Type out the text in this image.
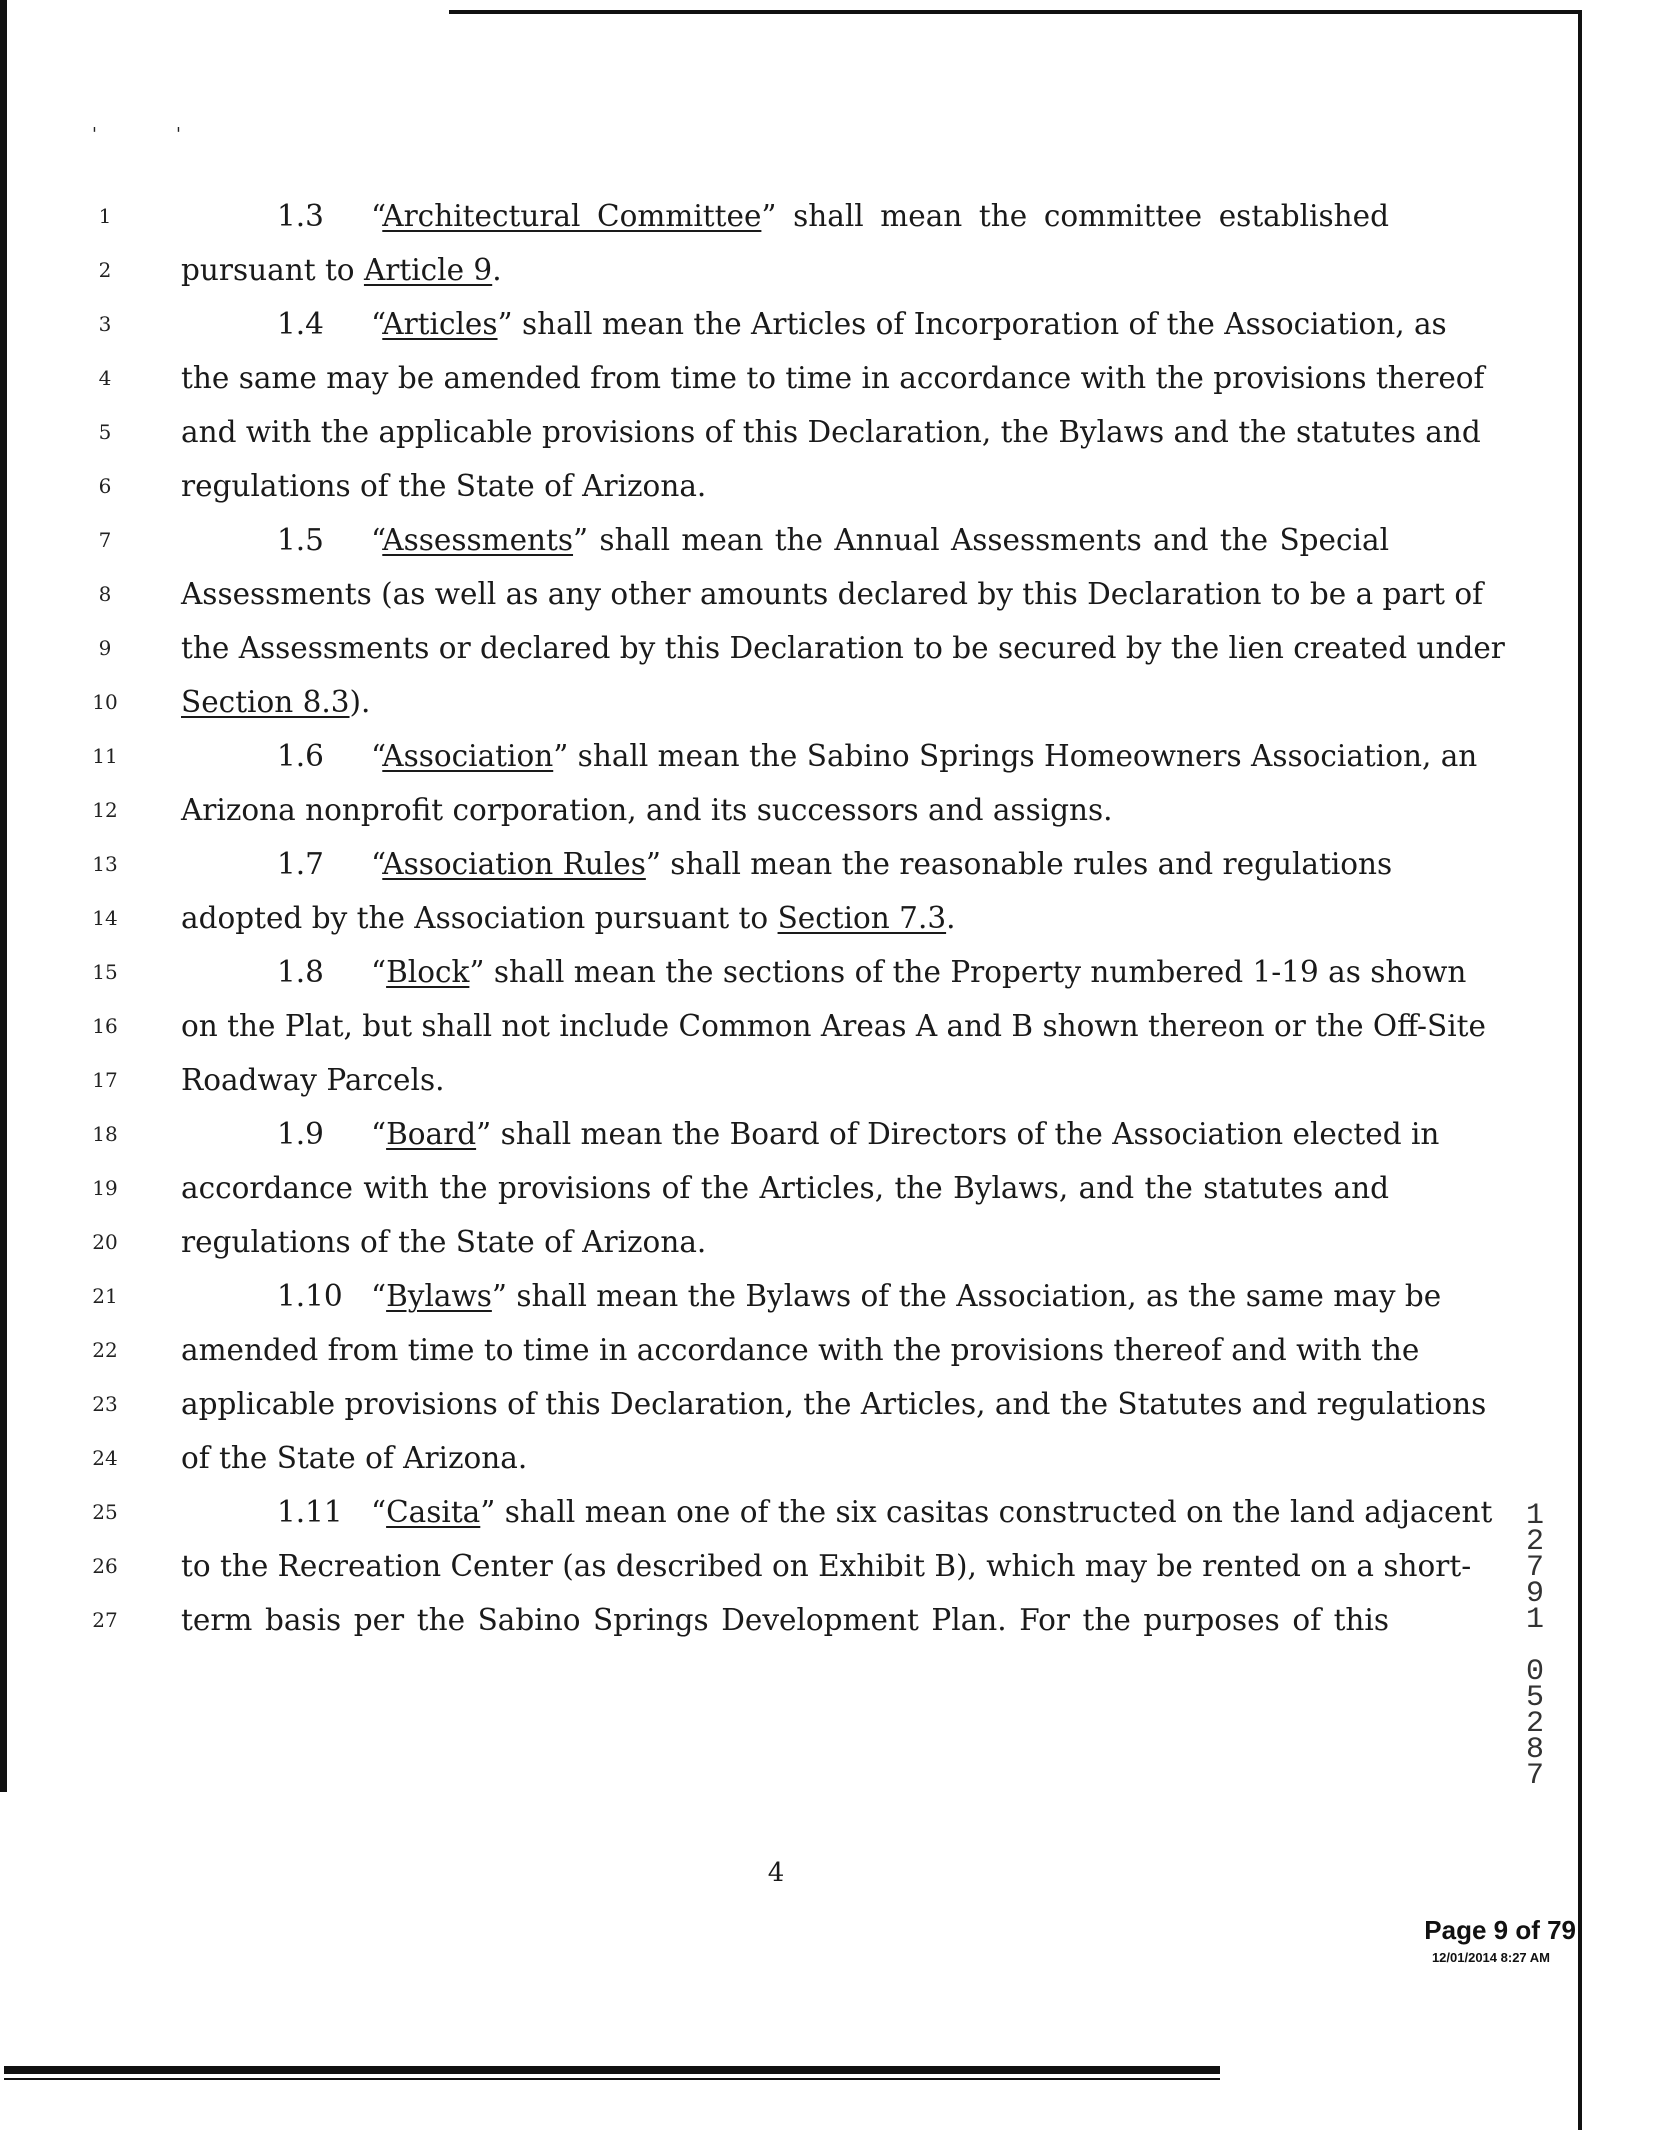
'	'
1	1.3 “Architectural Committee” shall mean the committee established
2	pursuant to Article 9.
3	1.4 “Articles” shall mean the Articles of Incorporation of the Association, as
4	the same may be amended from time to time in accordance with the provisions thereof
5	and with the applicable provisions of this Declaration, the Bylaws and the statutes and
6	regulations of the State of Arizona.
7	1.5 “Assessments” shall mean the Annual Assessments and the Special
8	Assessments (as well as any other amounts declared by this Declaration to be a part of
9	the Assessments or declared by this Declaration to be secured by the lien created under
10	Section 8.3).
11	1.6 “Association” shall mean the Sabino Springs Homeowners Association, an
12	Arizona nonprofit corporation, and its successors and assigns.
13	1.7 “Association Rules” shall mean the reasonable rules and regulations
14	adopted by the Association pursuant to Section 7.3.
15	1.8 “Block” shall mean the sections of the Property numbered 1-19 as shown
16	on the Plat, but shall not include Common Areas A and B shown thereon or the Off-Site
17	Roadway Parcels.
18	1.9 “Board” shall mean the Board of Directors of the Association elected in
19	accordance with the provisions of the Articles, the Bylaws, and the statutes and
20	regulations of the State of Arizona.
21	1.10 “Bylaws” shall mean the Bylaws of the Association, as the same may be
22	amended from time to time in accordance with the provisions thereof and with the
23	applicable provisions of this Declaration, the Articles, and the Statutes and regulations
24	of the State of Arizona.
25	1.11 “Casita” shall mean one of the six casitas constructed on the land adjacent
26	to the Recreation Center (as described on Exhibit B), which may be rented on a short-
27	term basis per the Sabino Springs Development Plan. For the purposes of this
1
2
7
9
1
0
5
2
8
7
4
Page 9 of 79
12/01/2014 8:27 AM
